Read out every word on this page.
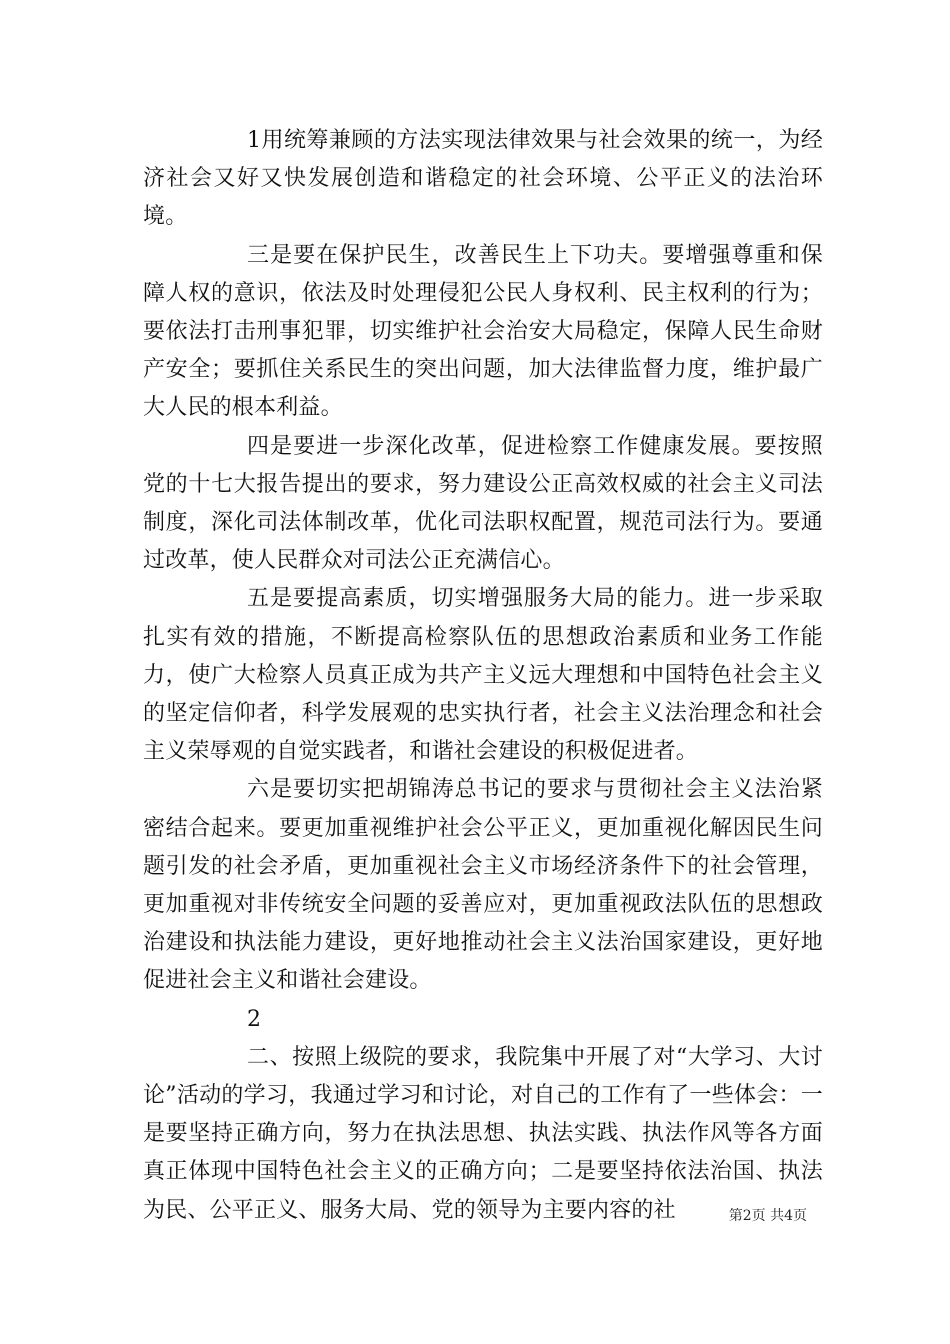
1用统筹兼顾的方法实现法律效果与社会效果的统一，为经济社会又好又快发展创造和谐稳定的社会环境、公平正义的法治环境。

三是要在保护民生，改善民生上下功夫。要增强尊重和保障人权的意识，依法及时处理侵犯公民人身权利、民主权利的行为；要依法打击刑事犯罪，切实维护社会治安大局稳定，保障人民生命财产安全；要抓住关系民生的突出问题，加大法律监督力度，维护最广大人民的根本利益。

四是要进一步深化改革，促进检察工作健康发展。要按照党的十七大报告提出的要求，努力建设公正高效权威的社会主义司法制度，深化司法体制改革，优化司法职权配置，规范司法行为。要通过改革，使人民群众对司法公正充满信心。

五是要提高素质，切实增强服务大局的能力。进一步采取扎实有效的措施，不断提高检察队伍的思想政治素质和业务工作能力，使广大检察人员真正成为共产主义远大理想和中国特色社会主义的坚定信仰者，科学发展观的忠实执行者，社会主义法治理念和社会主义荣辱观的自觉实践者，和谐社会建设的积极促进者。

六是要切实把胡锦涛总书记的要求与贯彻社会主义法治紧密结合起来。要更加重视维护社会公平正义，更加重视化解因民生问题引发的社会矛盾，更加重视社会主义市场经济条件下的社会管理，更加重视对非传统安全问题的妥善应对，更加重视政法队伍的思想政治建设和执法能力建设，更好地推动社会主义法治国家建设，更好地促进社会主义和谐社会建设。

2

二、按照上级院的要求，我院集中开展了对“大学习、大讨论”活动的学习，我通过学习和讨论，对自己的工作有了一些体会：一是要坚持正确方向，努力在执法思想、执法实践、执法作风等各方面真正体现中国特色社会主义的正确方向；二是要坚持依法治国、执法为民、公平正义、服务大局、党的领导为主要内容的社	第2页 共4页
